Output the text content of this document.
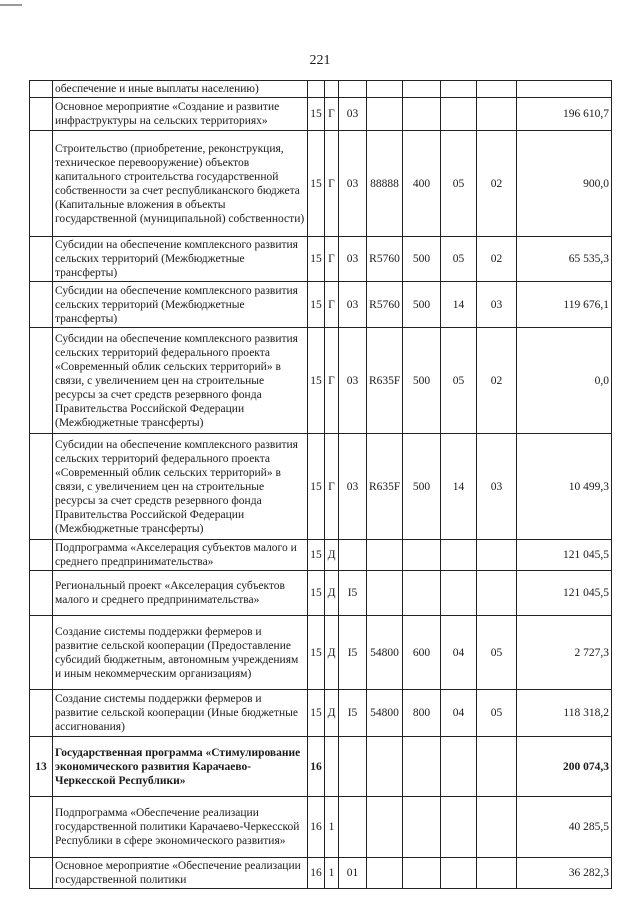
221
	обеспечение и иные выплаты населению)								
	Основное мероприятие «Создание и развитие инфраструктуры на сельских территориях»	15	Г	03					196 610,7
	Строительство (приобретение, реконструкция, техническое перевооружение) объектов капитального строительства государственной собственности за счет республиканского бюджета (Капитальные вложения в объекты государственной (муниципальной) собственности)	15	Г	03	88888	400	05	02	900,0
	Субсидии на обеспечение комплексного развития сельских территорий (Межбюджетные трансферты)	15	Г	03	R5760	500	05	02	65 535,3
	Субсидии на обеспечение комплексного развития сельских территорий (Межбюджетные трансферты)	15	Г	03	R5760	500	14	03	119 676,1
	Субсидии на обеспечение комплексного развития сельских территорий федерального проекта «Современный облик сельских территорий» в связи, с увеличением цен на строительные ресурсы за счет средств резервного фонда Правительства Российской Федерации (Межбюджетные трансферты)	15	Г	03	R635F	500	05	02	0,0
	Субсидии на обеспечение комплексного развития сельских территорий федерального проекта «Современный облик сельских территорий» в связи, с увеличением цен на строительные ресурсы за счет средств резервного фонда Правительства Российской Федерации (Межбюджетные трансферты)	15	Г	03	R635F	500	14	03	10 499,3
	Подпрограмма «Акселерация субъектов малого и среднего предпринимательства»	15	Д						121 045,5
	Региональный проект «Акселерация субъектов малого и среднего предпринимательства»	15	Д	I5					121 045,5
	Создание системы поддержки фермеров и развитие сельской кооперации (Предоставление субсидий бюджетным, автономным учреждениям и иным некоммерческим организациям)	15	Д	I5	54800	600	04	05	2 727,3
	Создание системы поддержки фермеров и развитие сельской кооперации (Иные бюджетные ассигнования)	15	Д	I5	54800	800	04	05	118 318,2
13	Государственная программа «Стимулирование экономического развития Карачаево-Черкесской Республики»	16							200 074,3
	Подпрограмма «Обеспечение реализации государственной политики Карачаево-Черкесской Республики в сфере экономического развития»	16	1						40 285,5
	Основное мероприятие «Обеспечение реализации государственной политики	16	1	01					36 282,3
